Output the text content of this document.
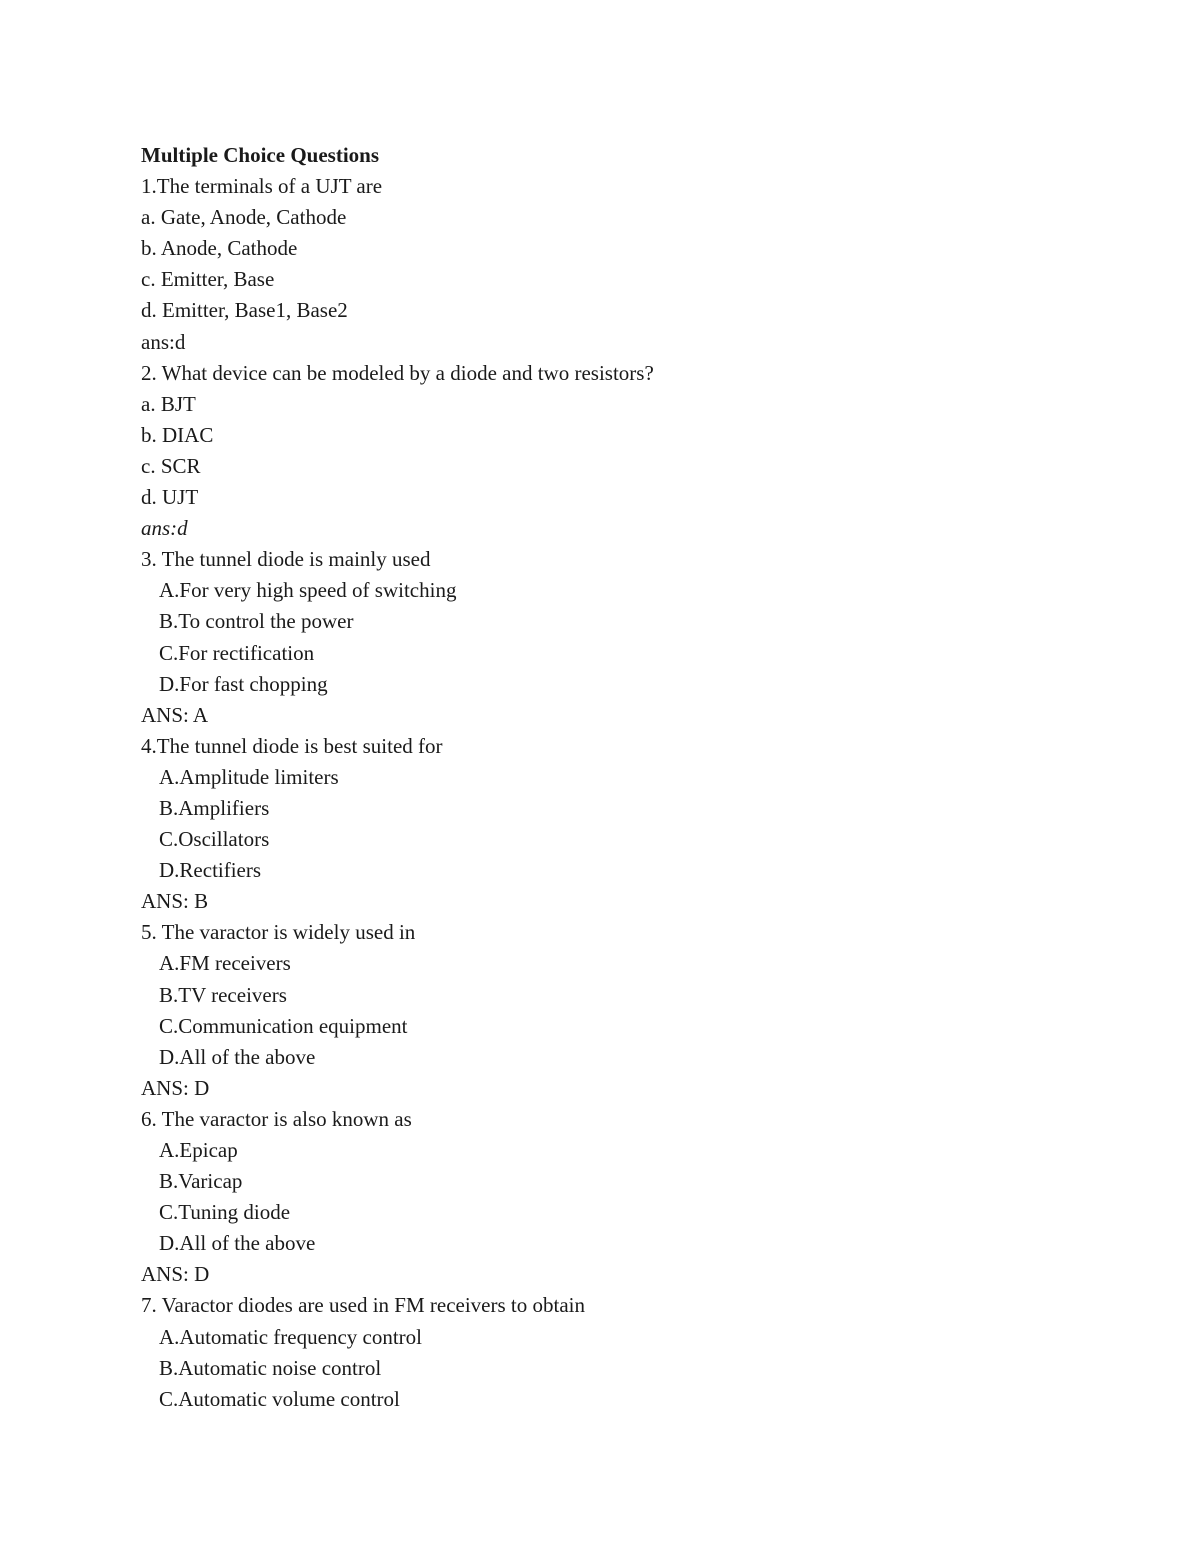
Multiple Choice Questions
1.The terminals of a UJT are
a. Gate, Anode, Cathode
b. Anode, Cathode
c. Emitter, Base
d. Emitter, Base1, Base2
ans:d
2. What device can be modeled by a diode and two resistors?
a. BJT
b. DIAC
c. SCR
d. UJT
ans:d
3. The tunnel diode is mainly used
A.For very high speed of switching
B.To control the power
C.For rectification
D.For fast chopping
ANS: A
4.The tunnel diode is best suited for
A.Amplitude limiters
B.Amplifiers
C.Oscillators
D.Rectifiers
ANS: B
5. The varactor is widely used in
A.FM receivers
B.TV receivers
C.Communication equipment
D.All of the above
ANS: D
6. The varactor is also known as
A.Epicap
B.Varicap
C.Tuning diode
D.All of the above
ANS: D
7. Varactor diodes are used in FM receivers to obtain
A.Automatic frequency control
B.Automatic noise control
C.Automatic volume control
